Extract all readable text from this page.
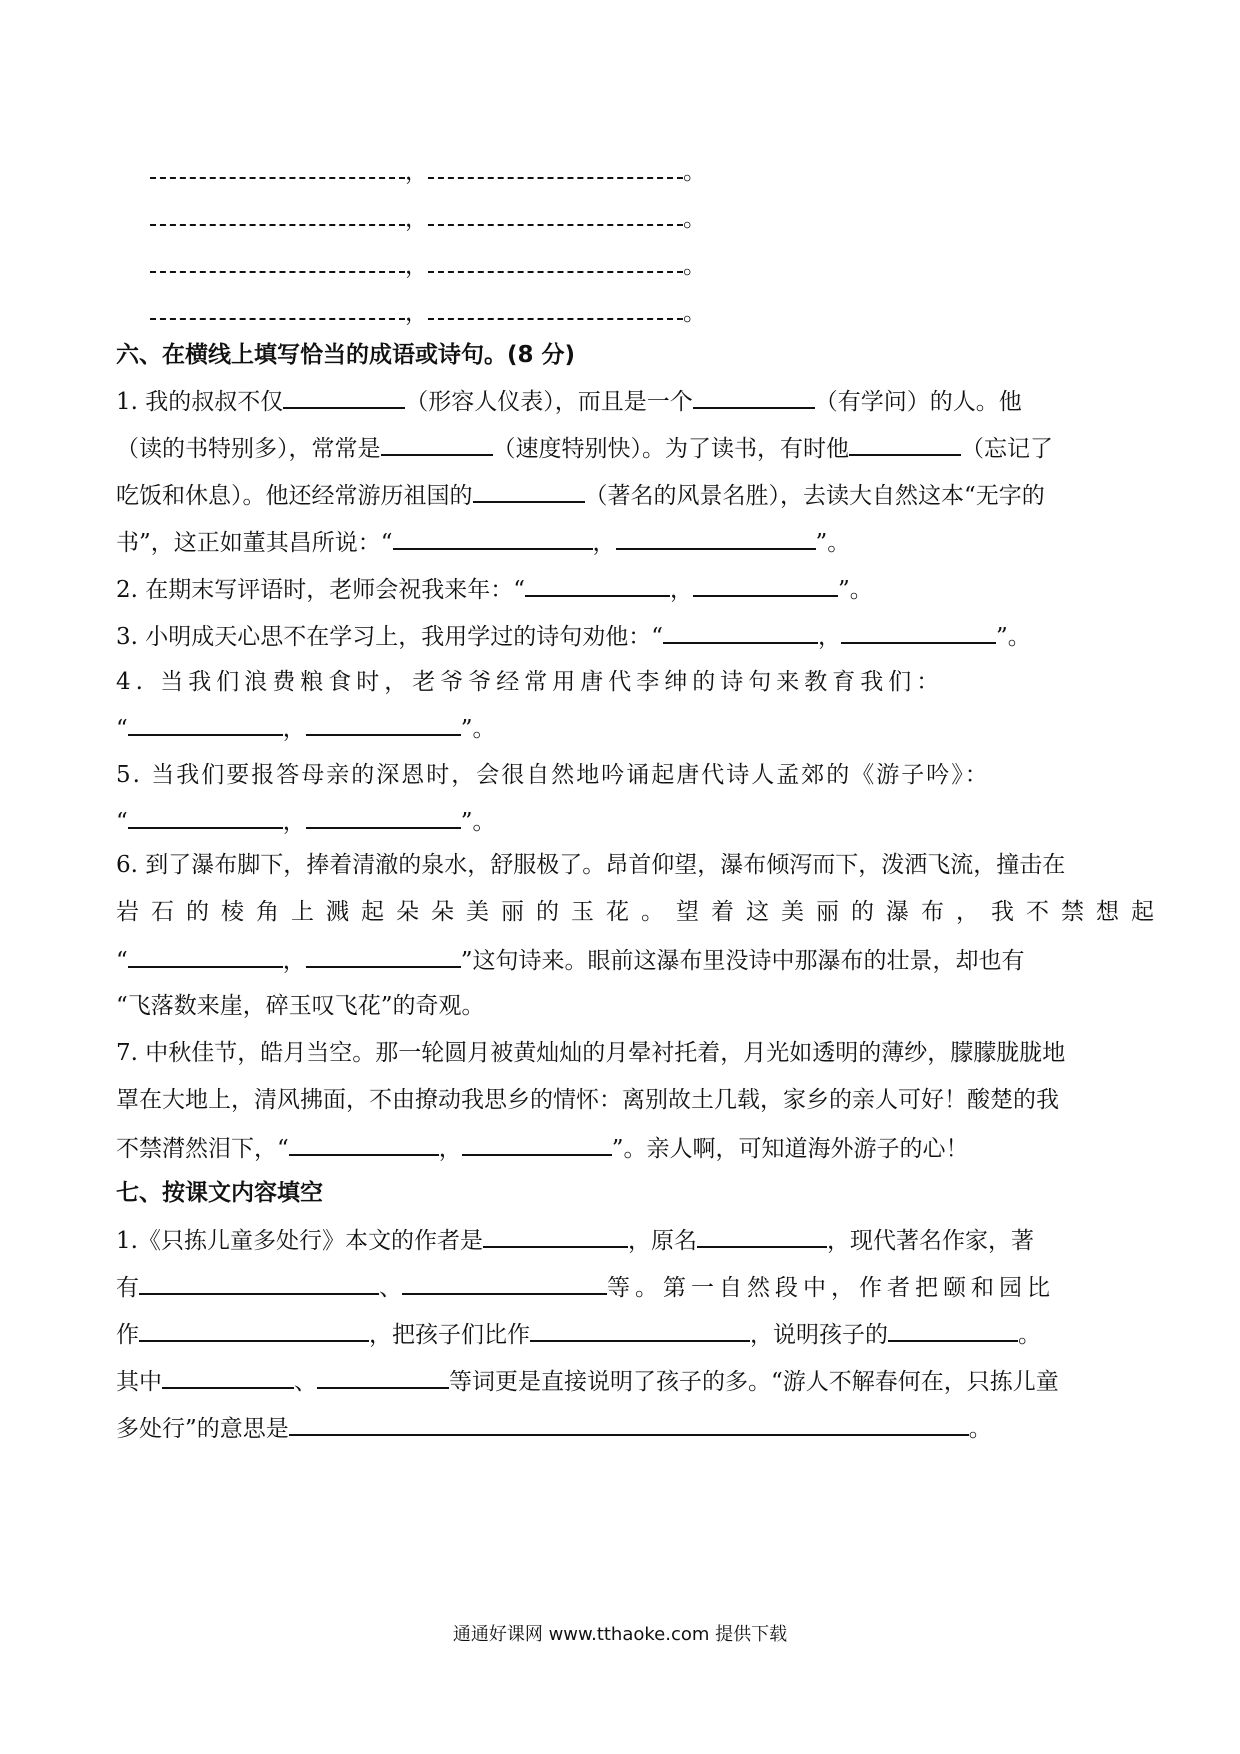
，	。
，	。
，	。
，	。
六、在横线上填写恰当的成语或诗句。(8 分)
1. 我的叔叔不仅	（形容人仪表），而且是一个	（有学问）的人。他
（读的书特别多），常常是	（速度特别快）。为了读书，有时他	（忘记了
吃饭和休息）。他还经常游历祖国的	（著名的风景名胜），去读大自然这本“无字的
书”，这正如董其昌所说：“	，	”。
2. 在期末写评语时，老师会祝我来年：“	，	”。
3. 小明成天心思不在学习上，我用学过的诗句劝他：“	，	”。
4. 当我们浪费粮食时，老爷爷经常用唐代李绅的诗句来教育我们：
“	，	”。
5. 当我们要报答母亲的深恩时，会很自然地吟诵起唐代诗人孟郊的《游子吟》：
“	，	”。
6. 到了瀑布脚下，捧着清澈的泉水，舒服极了。昂首仰望，瀑布倾泻而下，泼洒飞流，撞击在
岩石的棱角上溅起朵朵美丽的玉花。望着这美丽的瀑布，我不禁想起
“	，	”这句诗来。眼前这瀑布里没诗中那瀑布的壮景，却也有
“飞落数来崖，碎玉叹飞花”的奇观。
7. 中秋佳节，皓月当空。那一轮圆月被黄灿灿的月晕衬托着，月光如透明的薄纱，朦朦胧胧地
罩在大地上，清风拂面，不由撩动我思乡的情怀：离别故土几载，家乡的亲人可好！酸楚的我
不禁潸然泪下，“	，	”。亲人啊，可知道海外游子的心！
七、按课文内容填空
1.《只拣儿童多处行》本文的作者是	，原名	，现代著名作家，著
有	、	等。第一自然段中，作者把颐和园比
作	，把孩子们比作	，说明孩子的	。
其中	、	等词更是直接说明了孩子的多。“游人不解春何在，只拣儿童
多处行”的意思是	。
通通好课网 www.tthaoke.com 提供下载
